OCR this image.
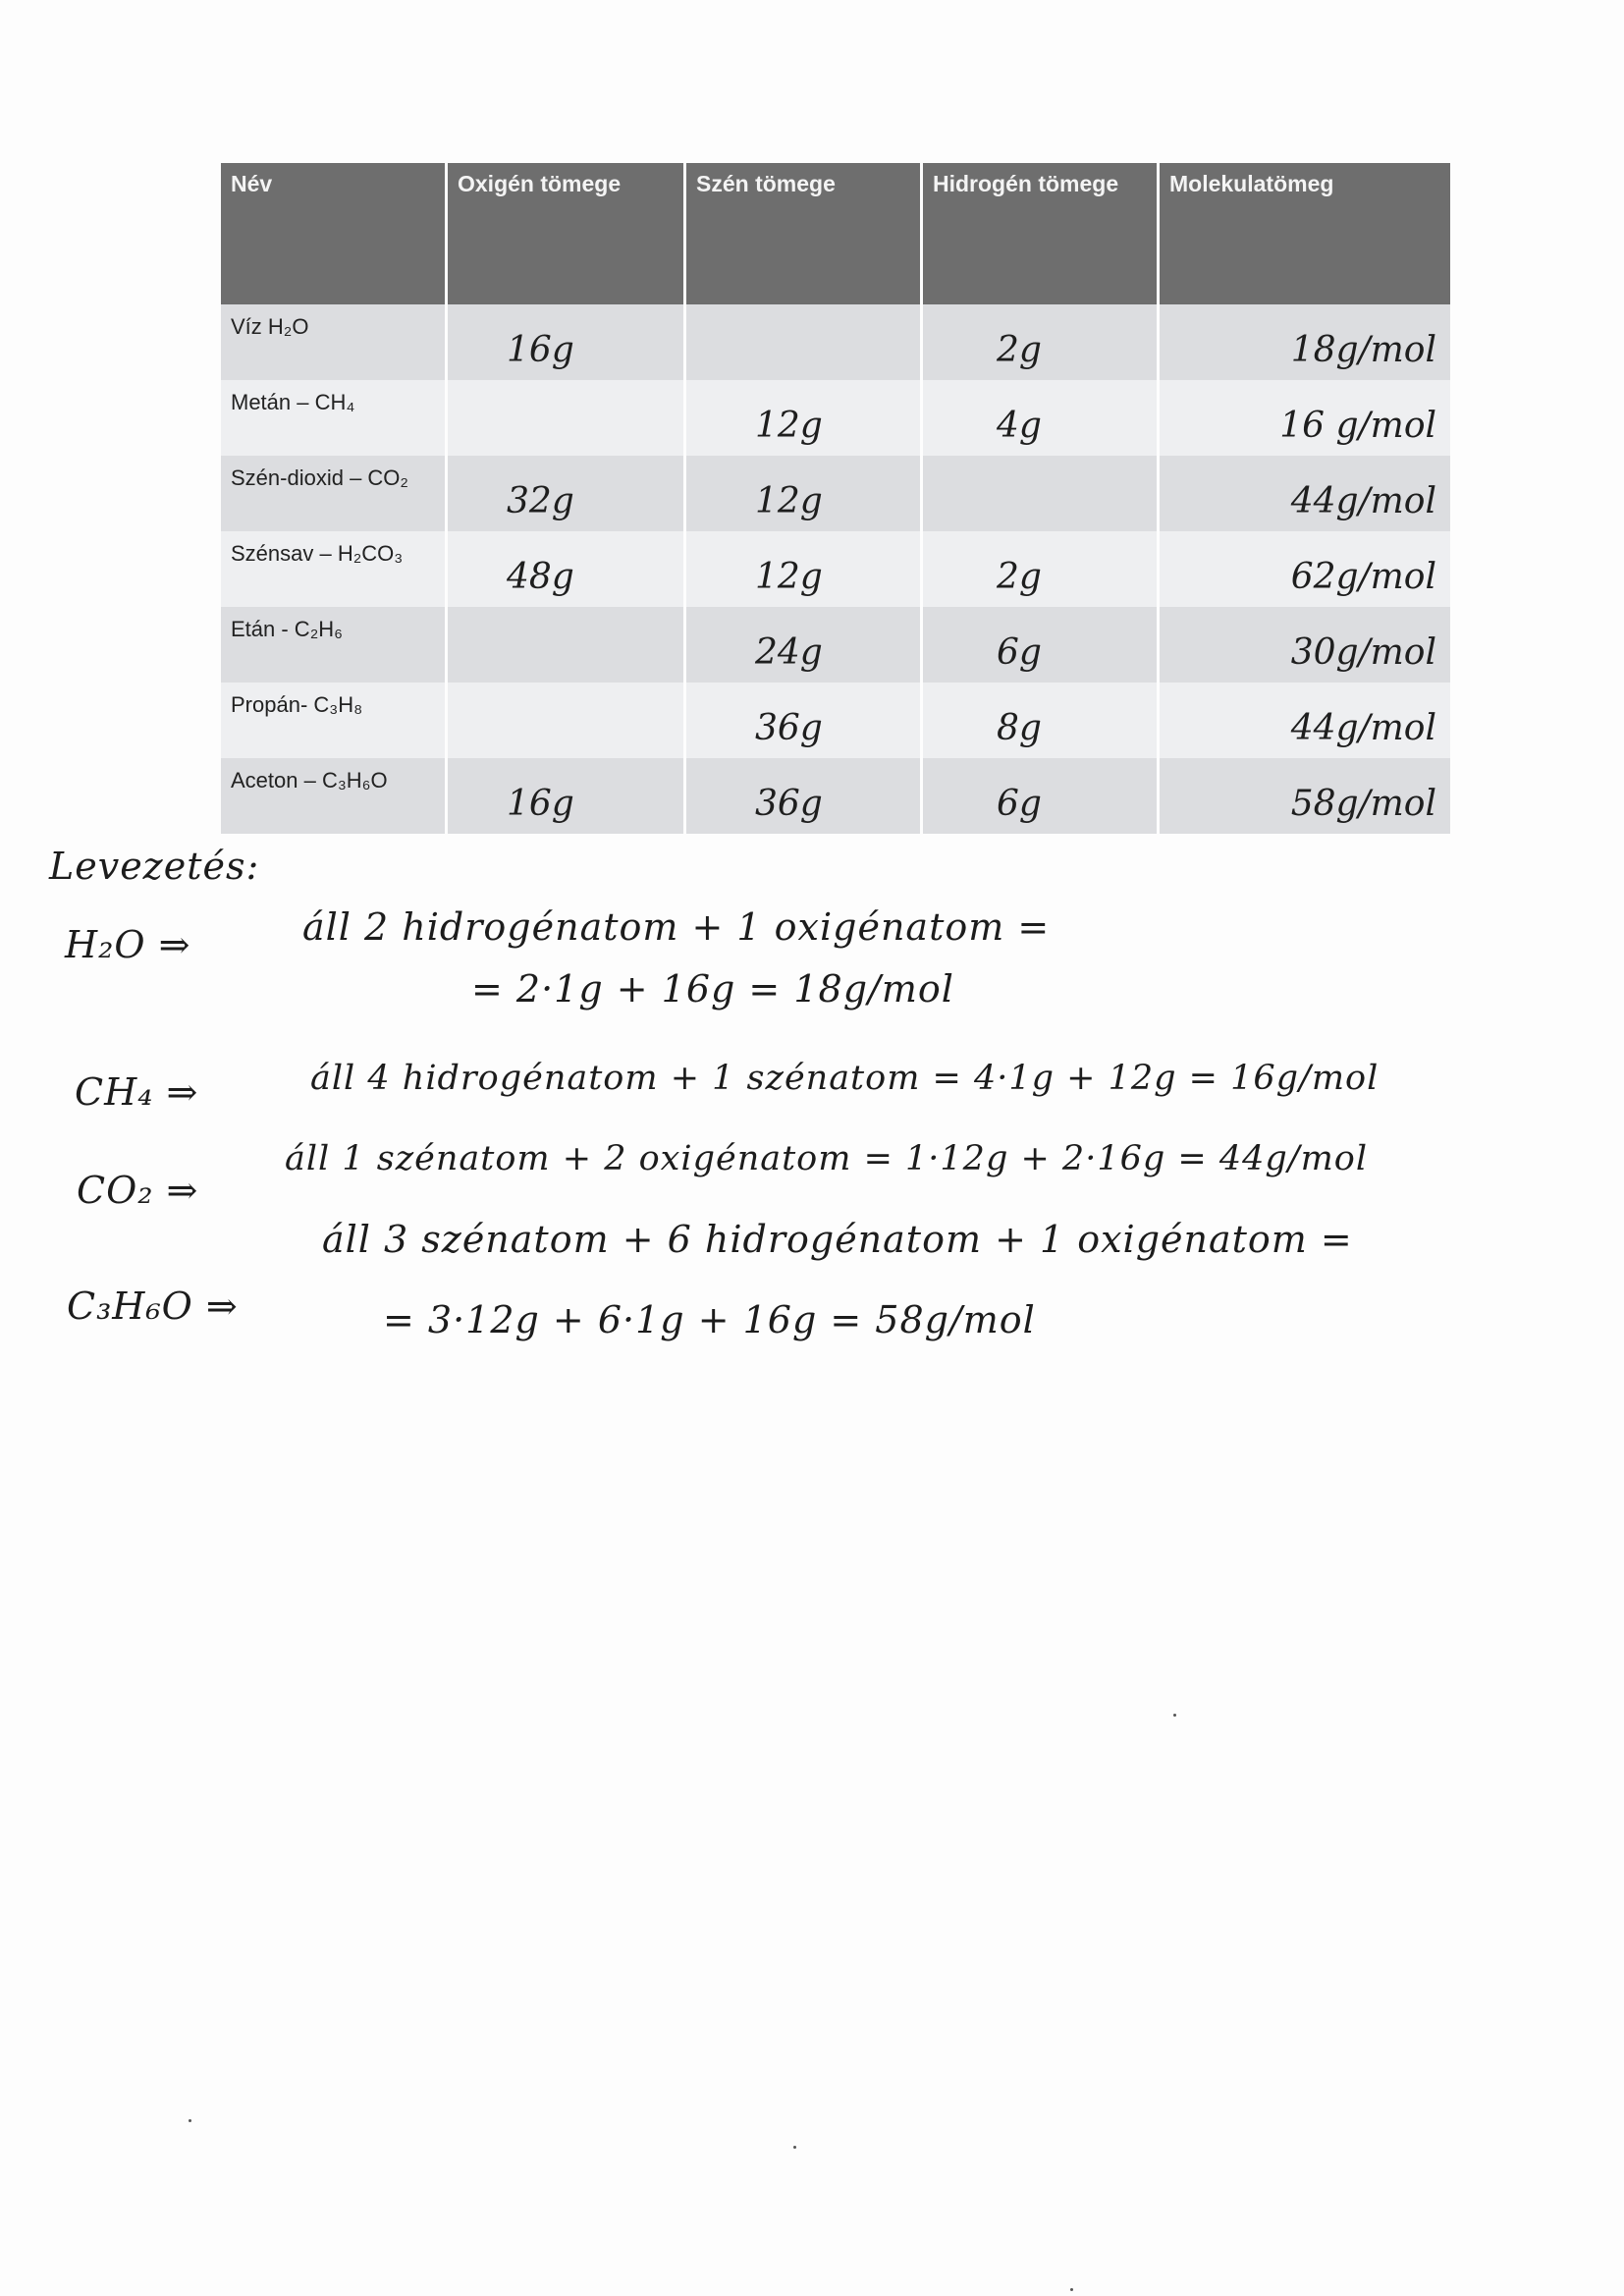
Név	Oxigén tömege	Szén tömege	Hidrogén tömege	Molekulatömeg

Víz H₂O	16g		2g	18g/mol

Metán – CH₄		12g	4g	16 g/mol

Szén-dioxid – CO₂	32g	12g		44g/mol

Szénsav – H₂CO₃	48g	12g	2g	62g/mol

Etán - C₂H₆		24g	6g	30g/mol

Propán- C₃H₈		36g	8g	44g/mol

Aceton – C₃H₆O	16g	36g	6g	58g/mol
Levezetés:
H₂O ⇒	áll 2 hidrogénatom + 1 oxigénatom =
= 2·1g + 16g = 18g/mol
CH₄ ⇒	áll 4 hidrogénatom + 1 szénatom = 4·1g + 12g = 16g/mol
CO₂ ⇒
áll 1 szénatom + 2 oxigénatom = 1·12g + 2·16g = 44g/mol
áll 3 szénatom + 6 hidrogénatom + 1 oxigénatom =
C₃H₆O ⇒	= 3·12g + 6·1g + 16g = 58g/mol
